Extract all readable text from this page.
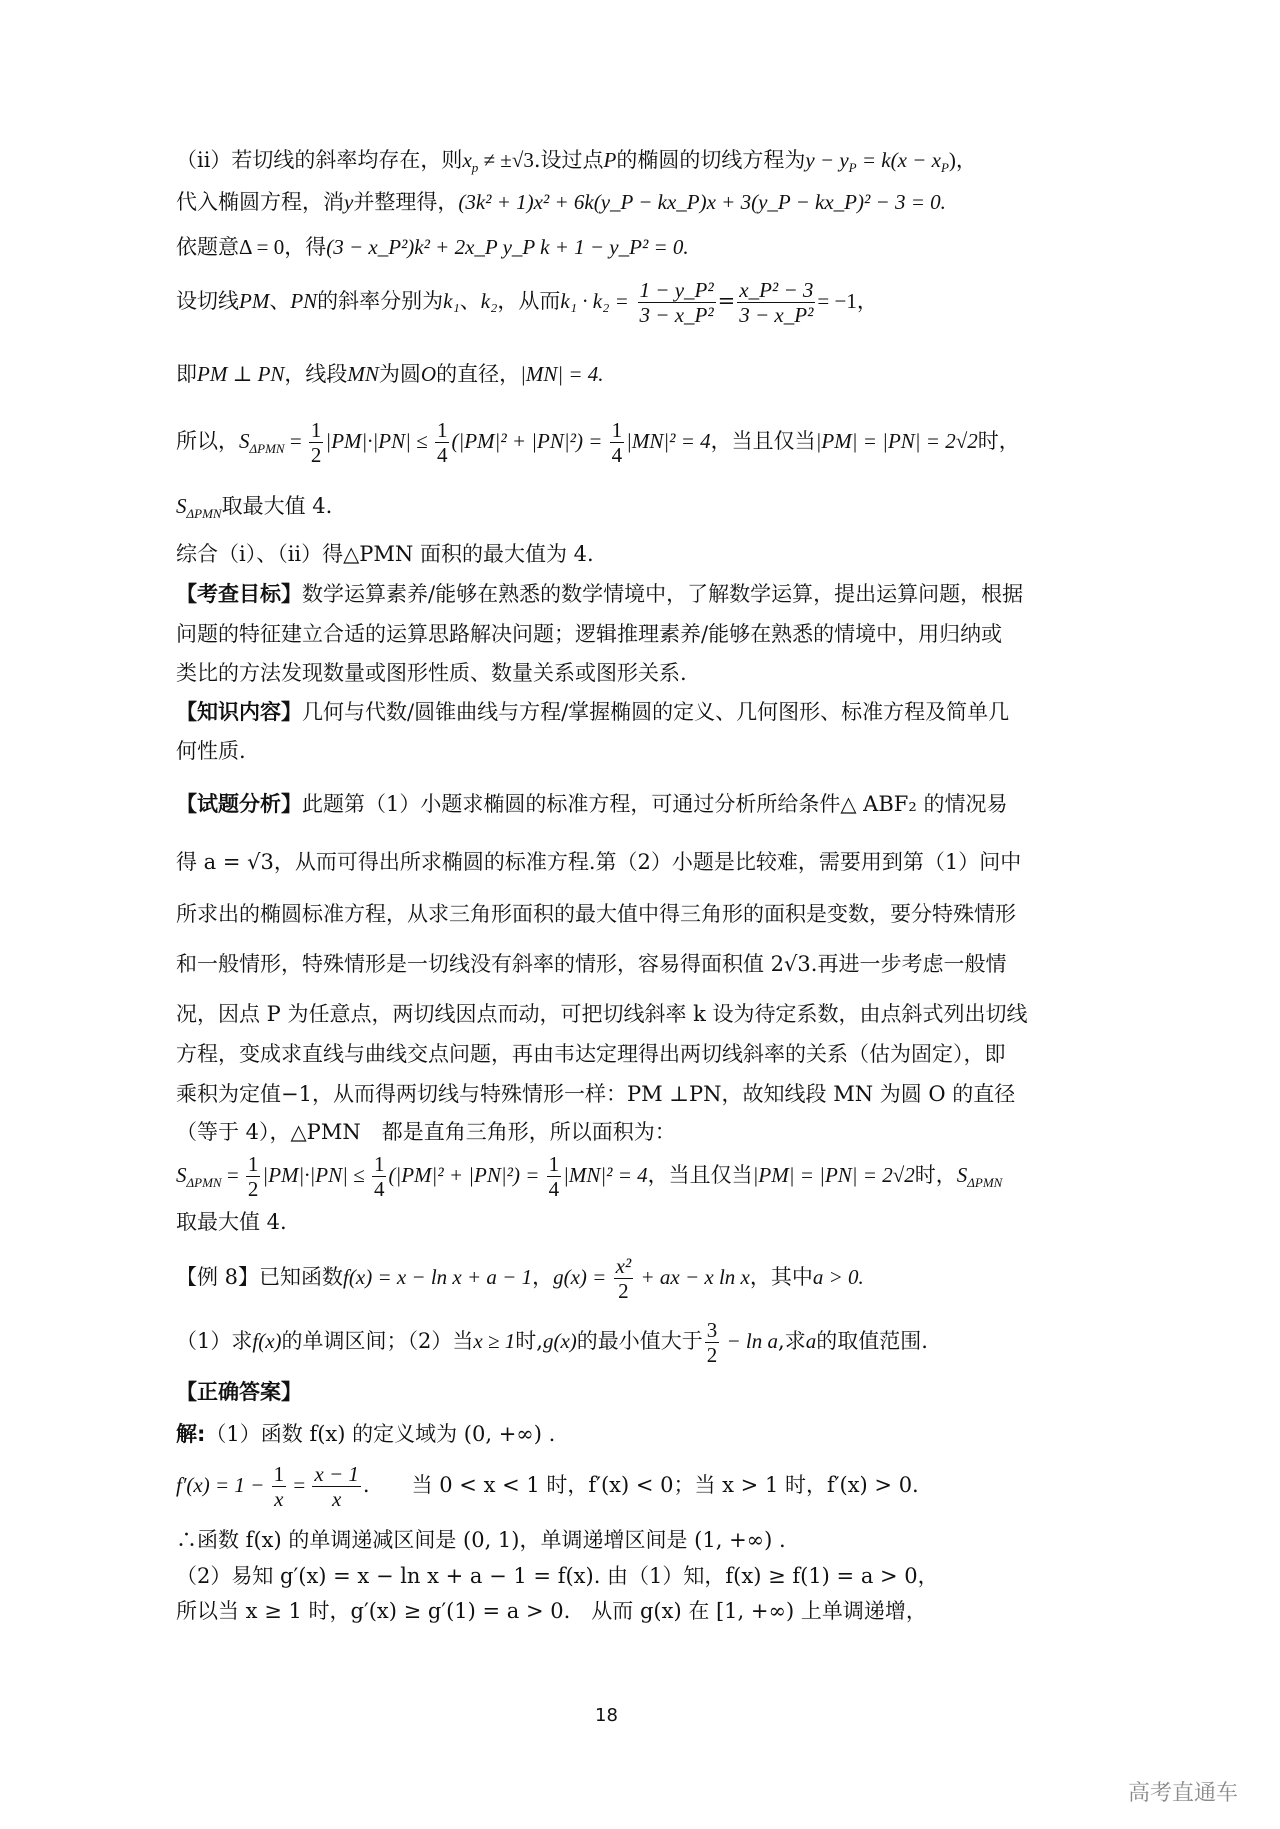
（ii）若切线的斜率均存在，则$x_p \ne \pm√3$.设过点P的椭圆的切线方程为$y - y_P = k(x - x_P)$，
代入椭圆方程，消y并整理得，(3k² + 1)x² + 6k(y_P − kx_P)x + 3(y_P − kx_P)² − 3 = 0.
依题意Δ = 0，得(3 − x_P²)k² + 2x_P y_P k + 1 − y_P² = 0.
设切线PM、PN的斜率分别为k₁、k₂，从而$k_1 \cdot k_2 = \frac{\text{1 − y\_P²}}{\text{3 − x\_P²}} = \frac{\text{x\_P² − 3}}{\text{3 − x\_P²}} = -1$，
即PM ⊥ PN，线段MN为圆O的直径，|MN| = 4.
所以，$S_{\Delta PMN} = \frac{1}{2} |PM|\cdot|PN| \le \frac{1}{4} (|PM|^2 + |PN|^2) = \frac{1}{4} |MN|^2 = 4$，当且仅当|PM| = |PN| = 2√2时，
$S_{\Delta PMN}$取最大值 4.
综合（i）、（ii）得△PMN 面积的最大值为 4.
【考查目标】数学运算素养/能够在熟悉的数学情境中，了解数学运算，提出运算问题，根据
问题的特征建立合适的运算思路解决问题；逻辑推理素养/能够在熟悉的情境中，用归纳或
类比的方法发现数量或图形性质、数量关系或图形关系.
【知识内容】几何与代数/圆锥曲线与方程/掌握椭圆的定义、几何图形、标准方程及简单几
何性质.
【试题分析】此题第（1）小题求椭圆的标准方程，可通过分析所给条件△ ABF₂ 的情况易
得 a = √3，从而可得出所求椭圆的标准方程.第（2）小题是比较难，需要用到第（1）问中
所求出的椭圆标准方程，从求三角形面积的最大值中得三角形的面积是变数，要分特殊情形
和一般情形，特殊情形是一切线没有斜率的情形，容易得面积值 2√3.再进一步考虑一般情
况，因点 P 为任意点，两切线因点而动，可把切线斜率 k 设为待定系数，由点斜式列出切线
方程，变成求直线与曲线交点问题，再由韦达定理得出两切线斜率的关系（估为固定），即
乘积为定值−1，从而得两切线与特殊情形一样：PM ⊥PN，故知线段 MN 为圆 O 的直径
（等于 4），△PMN　都是直角三角形，所以面积为：
$S_{\Delta PMN} = \frac{1}{2} |PM|\cdot|PN| \le \frac{1}{4} (|PM|^2 + |PN|^2) = \frac{1}{4} |MN|^2 = 4$，当且仅当|PM| = |PN| = 2√2时，$S_{\Delta PMN}$
取最大值 4.
【例 8】已知函数f(x) = x − ln x + a − 1，$g(x) = \frac{\text{x²}}{2}$ + ax − x ln x，其中a > 0.
（1）求f(x)的单调区间；（2）当x ≥ 1时,g(x)的最小值大于 $\frac{3}{2} - \ln a$,求a的取值范围.
【正确答案】
解:（1）函数 f(x) 的定义域为 (0, +∞) .
$f'(x) = 1 - \frac{1}{x} = \frac{x - 1}{x}$ .　　当 0 < x < 1 时，f′(x) < 0；当 x > 1 时，f′(x) > 0.
∴函数 f(x) 的单调递减区间是 (0, 1)，单调递增区间是 (1, +∞) .
（2）易知 g′(x) = x − ln x + a − 1 = f(x). 由（1）知，f(x) ≥ f(1) = a > 0，
所以当 x ≥ 1 时，g′(x) ≥ g′(1) = a > 0.　从而 g(x) 在 [1, +∞) 上单调递增，
18
高考直通车
